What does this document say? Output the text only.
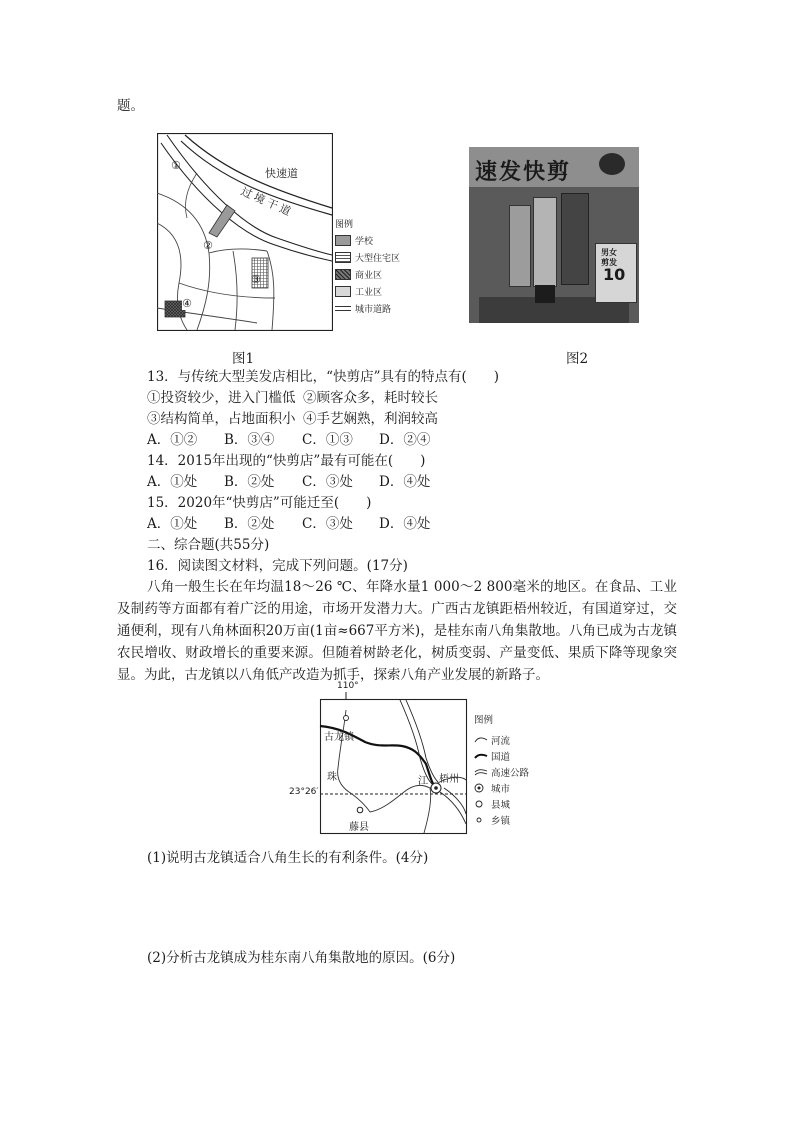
题。
①
②
③
④
快速道
过境干道
图例
学校
大型住宅区
商业区
工业区
城市道路
速发快剪
男女
剪发
10
图1	图2
13．与传统大型美发店相比，“快剪店”具有的特点有(　　)
①投资较少，进入门槛低 ②顾客众多，耗时较长
③结构简单，占地面积小 ④手艺娴熟，利润较高
A．①② B．③④ C．①③ D．②④
14．2015年出现的“快剪店”最有可能在(　　)
A．①处 B．②处 C．③处 D．④处
15．2020年“快剪店”可能迁至(　　)
A．①处 B．②处 C．③处 D．④处
二、综合题(共55分)
16．阅读图文材料，完成下列问题。(17分)
八角一般生长在年均温18～26 ℃、年降水量1 000～2 800毫米的地区。在食品、工业及制药等方面都有着广泛的用途，市场开发潜力大。广西古龙镇距梧州较近，有国道穿过，交通便利，现有八角林面积20万亩(1亩≈667平方米)，是桂东南八角集散地。八角已成为古龙镇农民增收、财政增长的重要来源。但随着树龄老化，树质变弱、产量变低、果质下降等现象突显。为此，古龙镇以八角低产改造为抓手，探索八角产业发展的新路子。
110°
23°26′
古龙镇
珠	江 梧州
藤县
图例
河流
国道
高速公路
城市
县城
乡镇
(1)说明古龙镇适合八角生长的有利条件。(4分)
(2)分析古龙镇成为桂东南八角集散地的原因。(6分)
